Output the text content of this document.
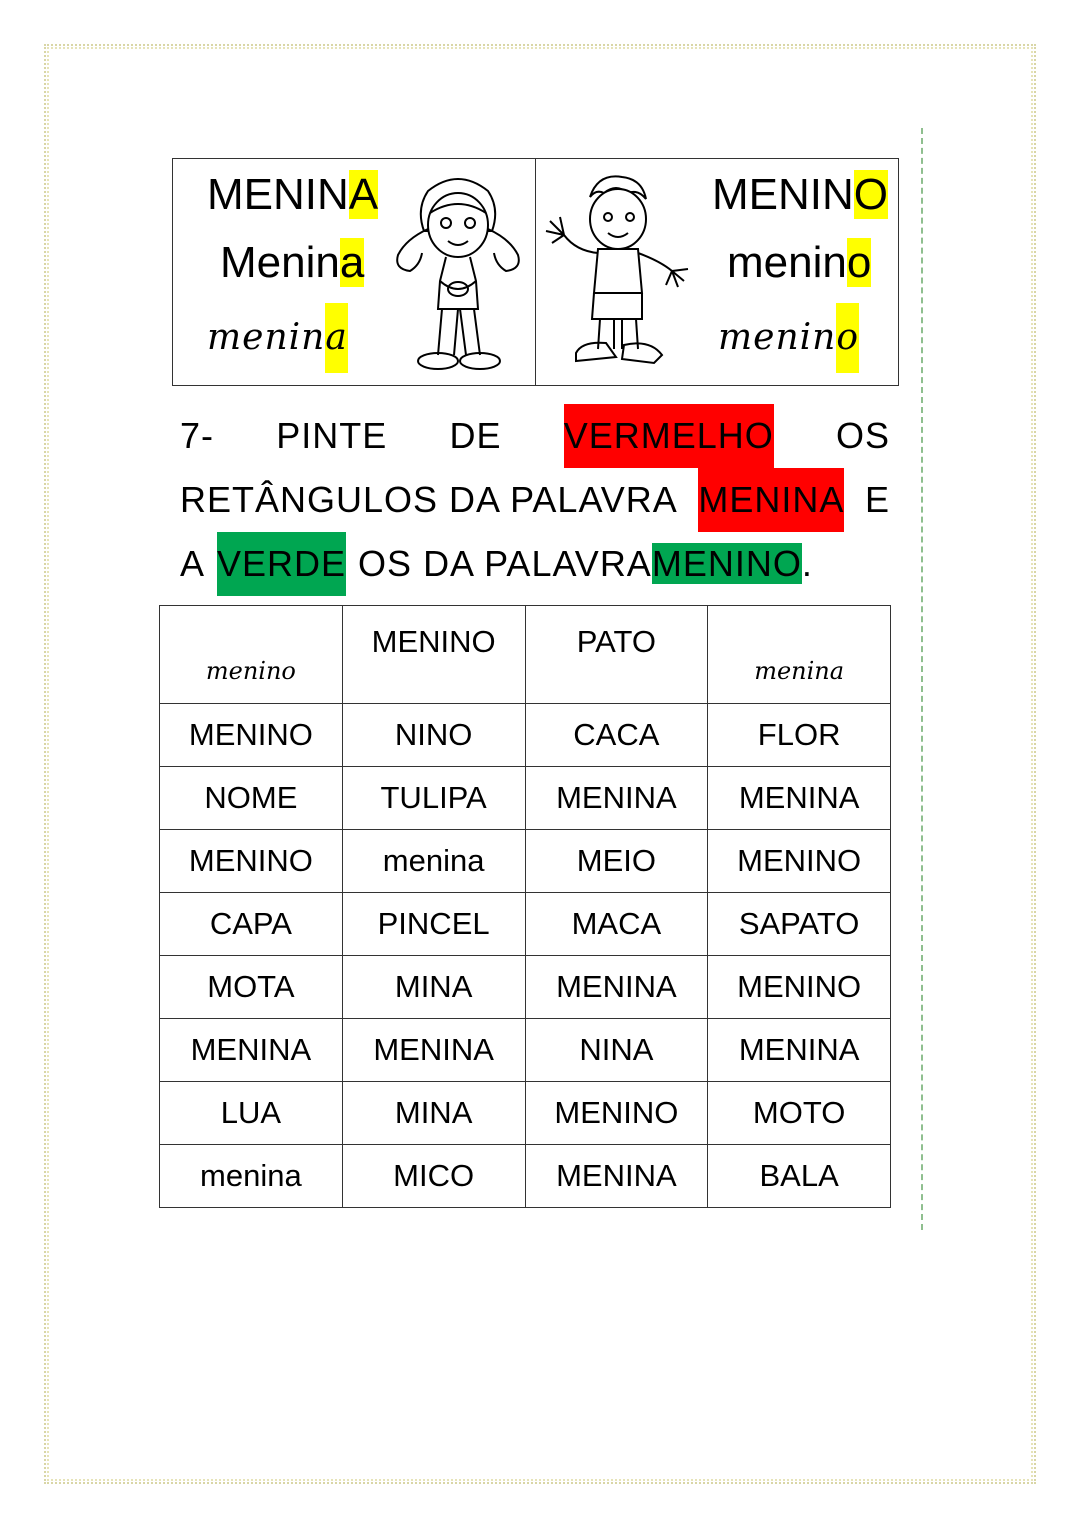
MENINA
Menina
menina
MENINO
menino
menino
7- PINTE DE VERMELHO OS
RETÂNGULOS DA PALAVRA MENINA E
A VERDE OS DA PALAVRA MENINO.
menino	MENINO	PATO	menina
MENINO	NINO	CACA	FLOR
NOME	TULIPA	MENINA	MENINA
MENINO	menina	MEIO	MENINO
CAPA	PINCEL	MACA	SAPATO
MOTA	MINA	MENINA	MENINO
MENINA	MENINA	NINA	MENINA
LUA	MINA	MENINO	MOTO
menina	MICO	MENINA	BALA
